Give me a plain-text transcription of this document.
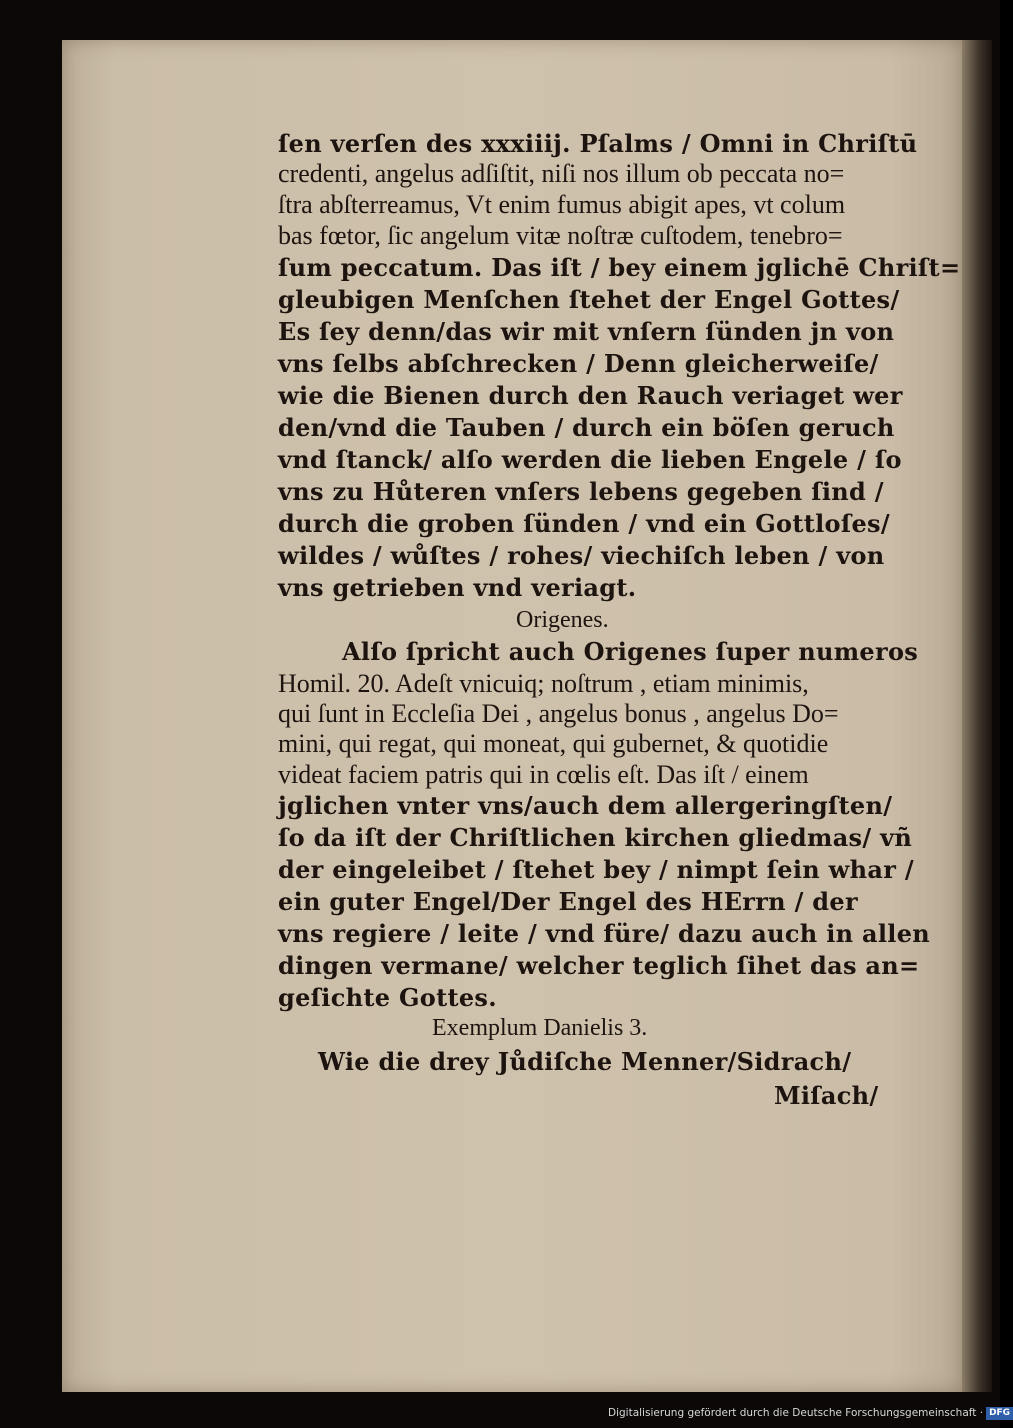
ſen verſen des xxxiiij. Pſalms / Omni in Chriſtū
credenti, angelus adſiſtit, niſi nos illum ob peccata no=
ſtra abſterreamus, Vt enim fumus abigit apes, vt colum
bas fœtor, ſic angelum vitæ noſtræ cuſtodem, tenebro=
ſum peccatum. Das iſt / bey einem jglichē Chriſt=
gleubigen Menſchen ſtehet der Engel Gottes/
Es ſey denn/das wir mit vnſern ſünden jn von
vns ſelbs abſchrecken / Denn gleicherweiſe/
wie die Bienen durch den Rauch veriaget wer
den/vnd die Tauben / durch ein böſen geruch
vnd ſtanck/ alſo werden die lieben Engele / ſo
vns zu Hůteren vnſers lebens gegeben ſind /
durch die groben ſünden / vnd ein Gottloſes/
wildes / wůſtes / rohes/ viechiſch leben / von
vns getrieben vnd veriagt.
Origenes.
Alſo ſpricht auch Origenes ſuper numeros
Homil. 20. Adeſt vnicuiq; noſtrum , etiam minimis,
qui ſunt in Eccleſia Dei , angelus bonus , angelus Do=
mini, qui regat, qui moneat, qui gubernet, & quotidie
videat faciem patris qui in cœlis eſt. Das iſt / einem
jglichen vnter vns/auch dem allergeringſten/
ſo da iſt der Chriſtlichen kirchen gliedmas/ vñ
der eingeleibet / ſtehet bey / nimpt ſein whar /
ein guter Engel/Der Engel des HErrn / der
vns regiere / leite / vnd füre/ dazu auch in allen
dingen vermane/ welcher teglich ſihet das an=
geſichte Gottes.
Exemplum Danielis 3.
Wie die drey Jůdiſche Menner/Sidrach/
Miſach/
Digitalisierung gefördert durch die Deutsche Forschungsgemeinschaft · DFG
